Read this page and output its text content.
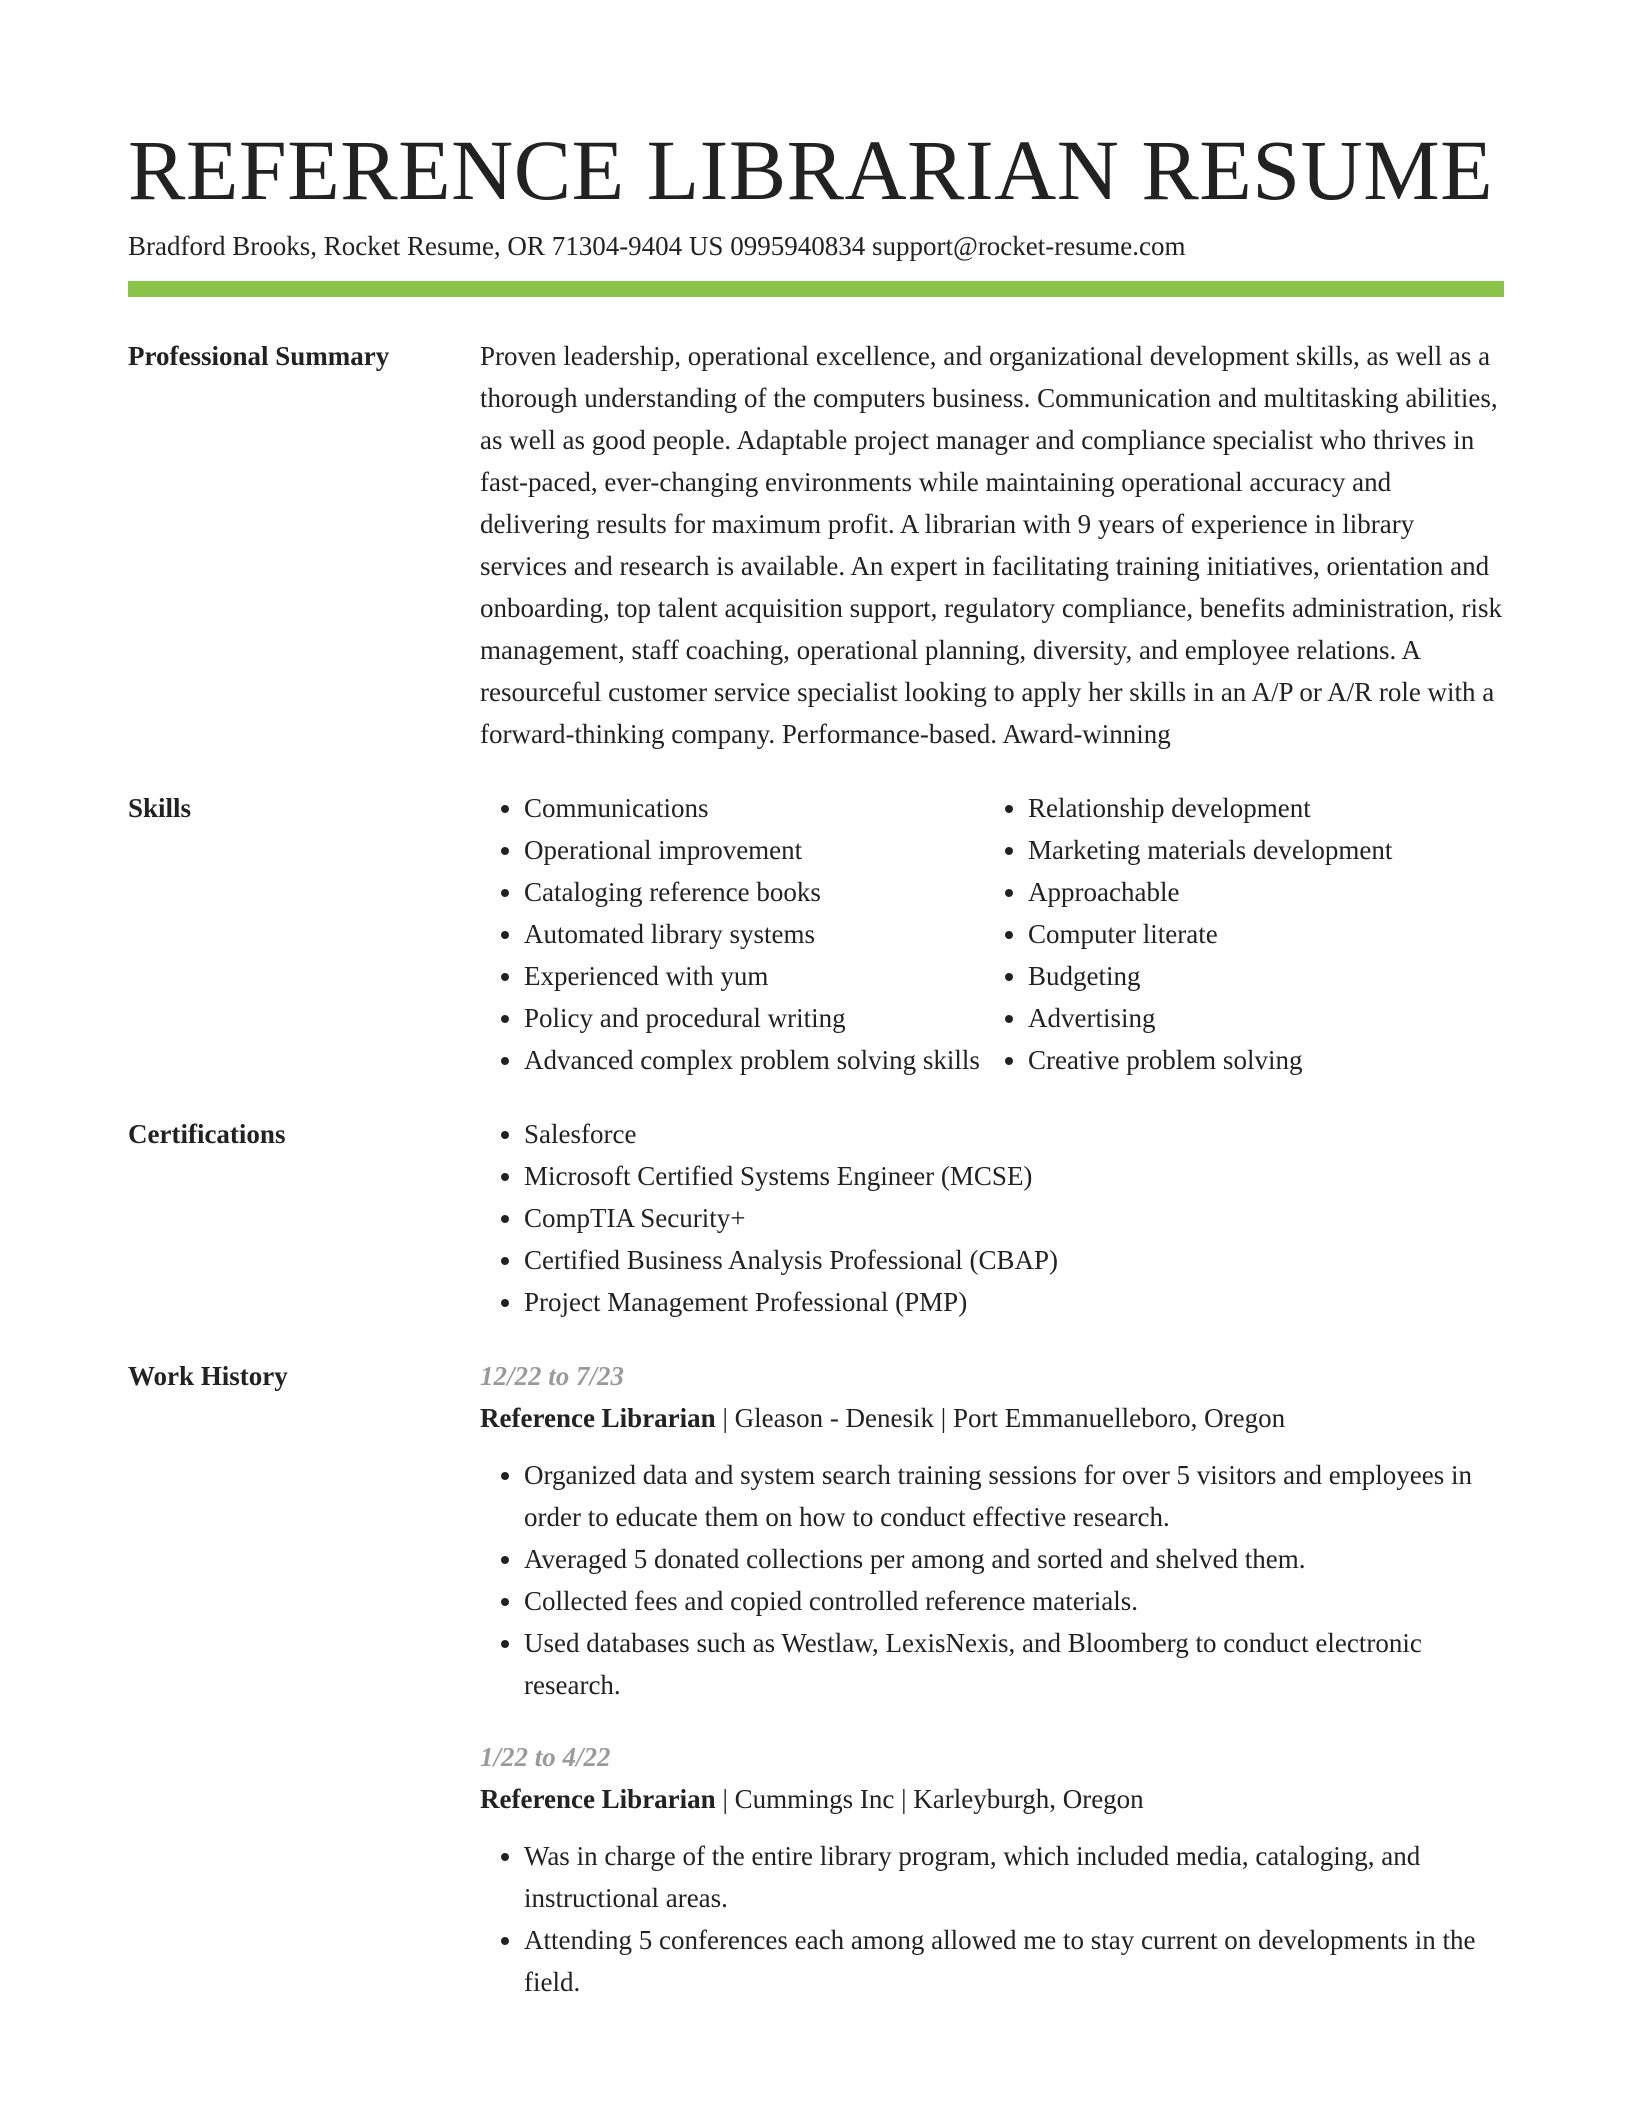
REFERENCE LIBRARIAN RESUME
Bradford Brooks, Rocket Resume, OR 71304-9404 US 0995940834 support@rocket-resume.com
Professional Summary	Proven leadership, operational excellence, and organizational development skills, as well as a thorough understanding of the computers business. Communication and multitasking abilities, as well as good people. Adaptable project manager and compliance specialist who thrives in fast-paced, ever-changing environments while maintaining operational accuracy and delivering results for maximum profit. A librarian with 9 years of experience in library services and research is available. An expert in facilitating training initiatives, orientation and onboarding, top talent acquisition support, regulatory compliance, benefits administration, risk management, staff coaching, operational planning, diversity, and employee relations. A resourceful customer service specialist looking to apply her skills in an A/P or A/R role with a forward-thinking company. Performance-based. Award-winning

Skills	• Communications
• Operational improvement
• Cataloging reference books
• Automated library systems
• Experienced with yum
• Policy and procedural writing
• Advanced complex problem solving skills
• Relationship development
• Marketing materials development
• Approachable
• Computer literate
• Budgeting
• Advertising
• Creative problem solving
Certifications	• Salesforce
• Microsoft Certified Systems Engineer (MCSE)
• CompTIA Security+
• Certified Business Analysis Professional (CBAP)
• Project Management Professional (PMP)
Work History	12/22 to 7/23
Reference Librarian | Gleason - Denesik | Port Emmanuelleboro, Oregon
• Organized data and system search training sessions for over 5 visitors and employees in order to educate them on how to conduct effective research.
• Averaged 5 donated collections per among and sorted and shelved them.
• Collected fees and copied controlled reference materials.
• Used databases such as Westlaw, LexisNexis, and Bloomberg to conduct electronic research.
1/22 to 4/22
Reference Librarian | Cummings Inc | Karleyburgh, Oregon
• Was in charge of the entire library program, which included media, cataloging, and instructional areas.
• Attending 5 conferences each among allowed me to stay current on developments in the field.
